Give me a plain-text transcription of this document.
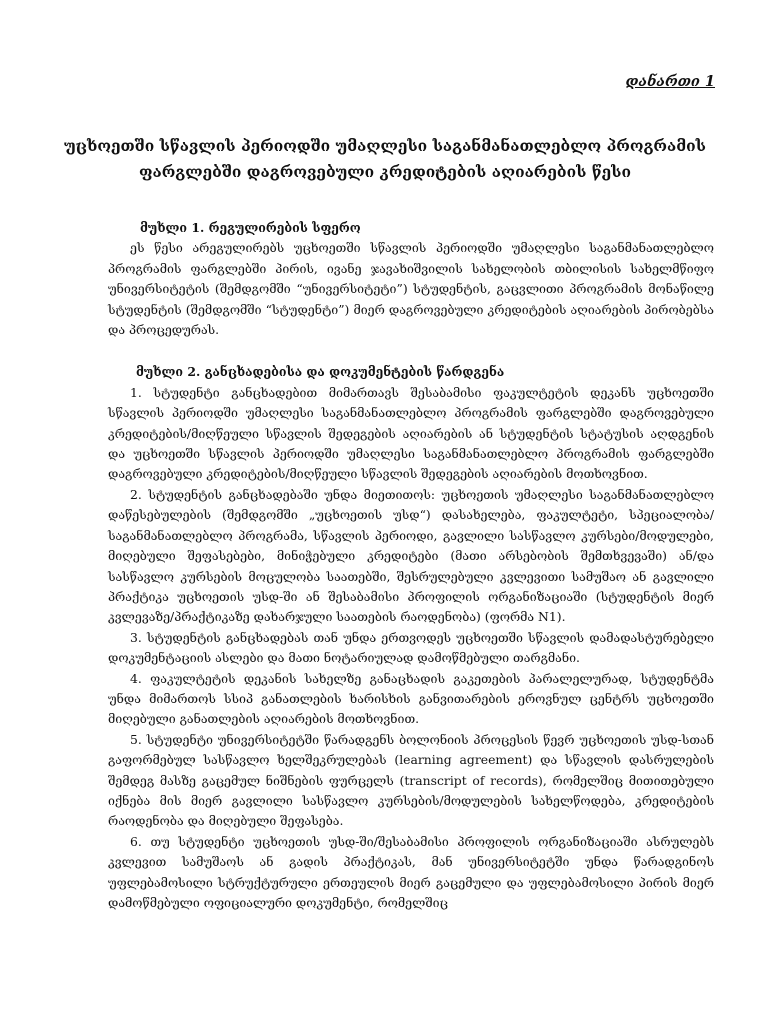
დანართი 1
უცხოეთში სწავლის პერიოდში უმაღლესი საგანმანათლებლო პროგრამის
ფარგლებში დაგროვებული კრედიტების აღიარების წესი
მუხლი 1. რეგულირების სფერო

ეს წესი არეგულირებს უცხოეთში სწავლის პერიოდში უმაღლესი საგანმანათლებლო პროგრამის ფარგლებში პირის, ივანე ჯავახიშვილის სახელობის თბილისის სახელმწიფო უნივერსიტეტის (შემდგომში “უნივერსიტეტი”) სტუდენტის, გაცვლითი პროგრამის მონაწილე სტუდენტის (შემდგომში “სტუდენტი”) მიერ დაგროვებული კრედიტების აღიარების პირობებსა და პროცედურას.

მუხლი 2. განცხადებისა და დოკუმენტების წარდგენა

1. სტუდენტი განცხადებით მიმართავს შესაბამისი ფაკულტეტის დეკანს უცხოეთში სწავლის პერიოდში უმაღლესი საგანმანათლებლო პროგრამის ფარგლებში დაგროვებული კრედიტების/მიღწეული სწავლის შედეგების აღიარების ან სტუდენტის სტატუსის აღდგენის და უცხოეთში სწავლის პერიოდში უმაღლესი საგანმანათლებლო პროგრამის ფარგლებში დაგროვებული კრედიტების/მიღწეული სწავლის შედეგების აღიარების მოთხოვნით.

2. სტუდენტის განცხადებაში უნდა მიეთითოს: უცხოეთის უმაღლესი საგანმანათლებლო დაწესებულების (შემდგომში „უცხოეთის უსდ“) დასახელება, ფაკულტეტი, სპეციალობა/საგანმანათლებლო პროგრამა, სწავლის პერიოდი, გავლილი სასწავლო კურსები/მოდულები, მიღებული შეფასებები, მინიჭებული კრედიტები (მათი არსებობის შემთხვევაში) ან/და სასწავლო კურსების მოცულობა საათებში, შესრულებული კვლევითი სამუშაო ან გავლილი პრაქტიკა უცხოეთის უსდ-ში ან შესაბამისი პროფილის ორგანიზაციაში (სტუდენტის მიერ კვლევაზე/პრაქტიკაზე დახარჯული საათების რაოდენობა) (ფორმა N1).

3. სტუდენტის განცხადებას თან უნდა ერთვოდეს უცხოეთში სწავლის დამადასტურებელი დოკუმენტაციის ასლები და მათი ნოტარიულად დამოწმებული თარგმანი.

4. ფაკულტეტის დეკანის სახელზე განაცხადის გაკეთების პარალელურად, სტუდენტმა უნდა მიმართოს სსიპ განათლების ხარისხის განვითარების ეროვნულ ცენტრს უცხოეთში მიღებული განათლების აღიარების მოთხოვნით.

5. სტუდენტი უნივერსიტეტში წარადგენს ბოლონიის პროცესის წევრ უცხოეთის უსდ-სთან გაფორმებულ სასწავლო ხელშეკრულებას (learning agreement) და სწავლის დასრულების შემდეგ მასზე გაცემულ ნიშნების ფურცელს (transcript of records), რომელშიც მითითებული იქნება მის მიერ გავლილი სასწავლო კურსების/მოდულების სახელწოდება, კრედიტების რაოდენობა და მიღებული შეფასება.

6. თუ სტუდენტი უცხოეთის უსდ-ში/შესაბამისი პროფილის ორგანიზაციაში ასრულებს კვლევით სამუშაოს ან გადის პრაქტიკას, მან უნივერსიტეტში უნდა წარადგინოს უფლებამოსილი სტრუქტურული ერთეულის მიერ გაცემული და უფლებამოსილი პირის მიერ დამოწმებული ოფიციალური დოკუმენტი, რომელშიც
